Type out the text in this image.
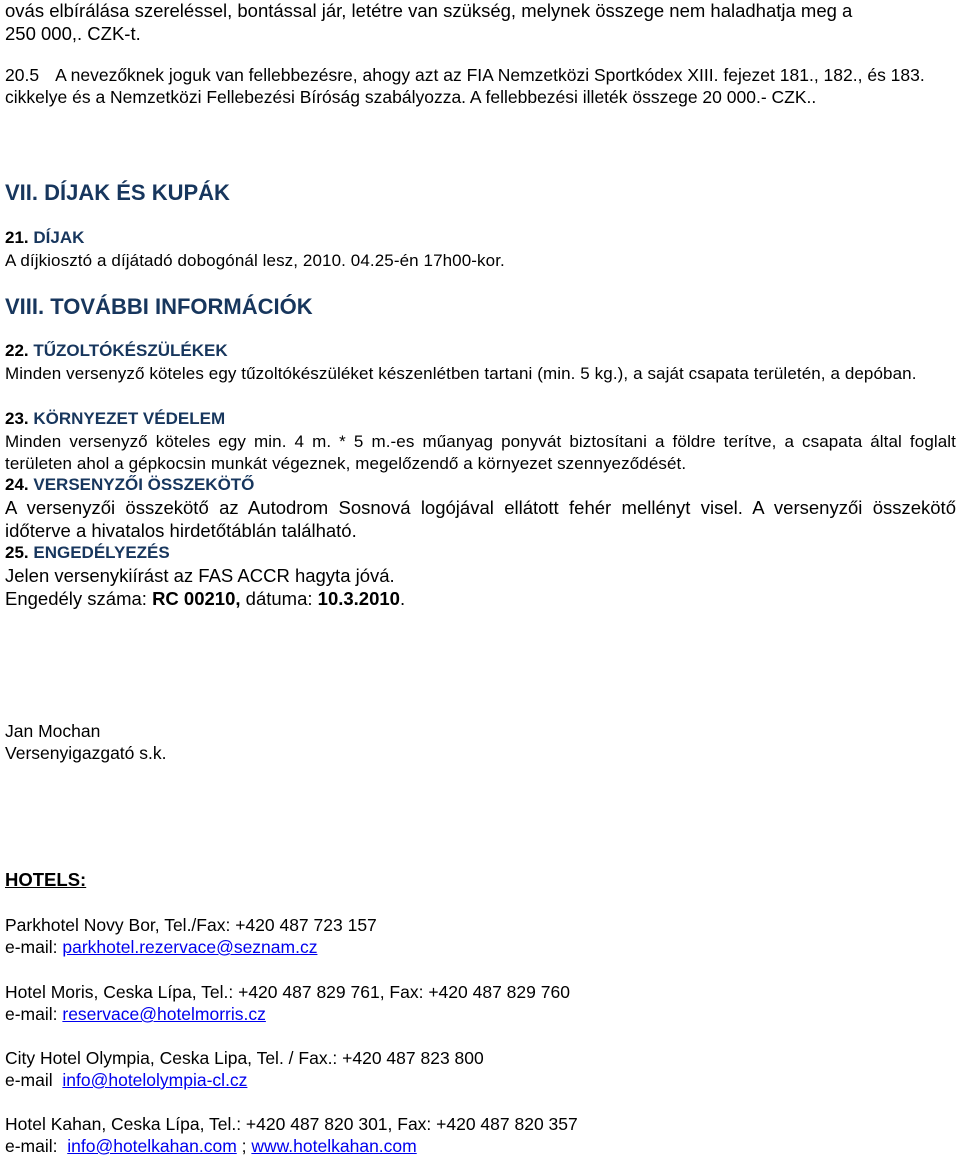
ovás elbírálása szereléssel, bontással jár, letétre van szükség, melynek összege nem haladhatja meg a
250 000,. CZK-t.

20.5 A nevezőknek joguk van fellebbezésre, ahogy azt az FIA Nemzetközi Sportkódex XIII. fejezet 181., 182., és 183. cikkelye és a Nemzetközi Fellebezési Bíróság szabályozza. A fellebbezési illeték összege 20 000.- CZK..

VII. DÍJAK ÉS KUPÁK
21. DÍJAK

A díjkiosztó a díjátadó dobogónál lesz, 2010. 04.25-én 17h00-kor.

VIII. TOVÁBBI INFORMÁCIÓK
22. TŰZOLTÓKÉSZÜLÉKEK

Minden versenyző köteles egy tűzoltókészüléket készenlétben tartani (min. 5 kg.), a saját csapata területén, a depóban.

23. KÖRNYEZET VÉDELEM

Minden versenyző köteles egy min. 4 m. * 5 m.-es műanyag ponyvát biztosítani a földre terítve, a csapata által foglalt területen ahol a gépkocsin munkát végeznek, megelőzendő a környezet szennyeződését.

24. VERSENYZŐI ÖSSZEKÖTŐ

A versenyzői összekötő az Autodrom Sosnová logójával ellátott fehér mellényt visel. A versenyzői összekötő időterve a hivatalos hirdetőtáblán található.

25. ENGEDÉLYEZÉS

Jelen versenykiírást az FAS ACCR hagyta jóvá.
Engedély száma: RC 00210, dátuma: 10.3.2010.

Jan Mochan
Versenyigazgató s.k.

HOTELS:

Parkhotel Novy Bor, Tel./Fax: +420 487 723 157
e-mail: parkhotel.rezervace@seznam.cz

Hotel Moris, Ceska Lípa, Tel.: +420 487 829 761, Fax: +420 487 829 760
e-mail: reservace@hotelmorris.cz

City Hotel Olympia, Ceska Lipa, Tel. / Fax.: +420 487 823 800
e-mail  info@hotelolympia-cl.cz

Hotel Kahan, Ceska Lípa, Tel.: +420 487 820 301, Fax: +420 487 820 357
e-mail:  info@hotelkahan.com ; www.hotelkahan.com
